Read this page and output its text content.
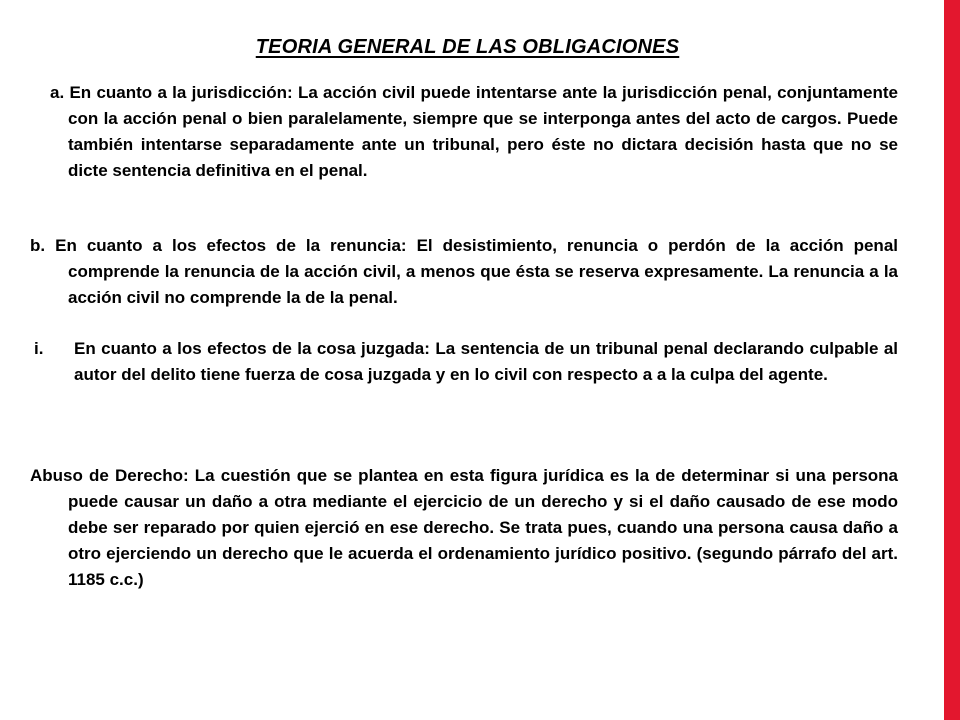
TEORIA GENERAL DE LAS OBLIGACIONES
a. En cuanto a la jurisdicción: La acción civil puede intentarse ante la jurisdicción penal, conjuntamente con la acción penal o bien paralelamente, siempre que se interponga antes del acto de cargos. Puede también intentarse separadamente ante un tribunal, pero éste no dictara decisión hasta que no se dicte sentencia definitiva en el penal.
b. En cuanto a los efectos de la renuncia: El desistimiento, renuncia o perdón de la acción penal comprende la renuncia de la acción civil, a menos que ésta se reserva expresamente. La renuncia a la acción civil no comprende la de la penal.
i. En cuanto a los efectos de la cosa juzgada: La sentencia de un tribunal penal declarando culpable al autor del delito tiene fuerza de cosa juzgada y en lo civil con respecto a a la culpa del agente.
Abuso de Derecho: La cuestión que se plantea en esta figura jurídica es la de determinar si una persona puede causar un daño a otra mediante el ejercicio de un derecho y si el daño causado de ese modo debe ser reparado por quien ejerció en ese derecho. Se trata pues, cuando una persona causa daño a otro ejerciendo un derecho que le acuerda el ordenamiento jurídico positivo. (segundo párrafo del art. 1185 c.c.)
